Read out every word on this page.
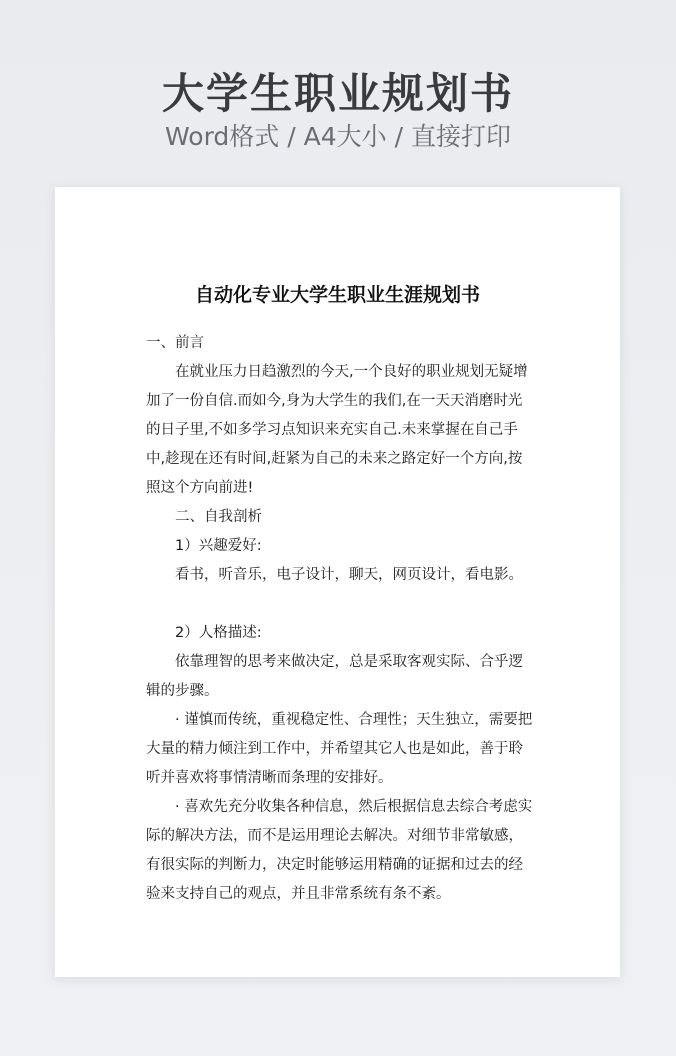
大学生职业规划书
Word格式 / A4大小 / 直接打印
自动化专业大学生职业生涯规划书

一、前言

在就业压力日趋激烈的今天,一个良好的职业规划无疑增加了一份自信.而如今,身为大学生的我们,在一天天消磨时光的日子里,不如多学习点知识来充实自己.未来掌握在自己手中,趁现在还有时间,赶紧为自己的未来之路定好一个方向,按照这个方向前进!

二、自我剖析

1）兴趣爱好:

看书，听音乐，电子设计，聊天，网页设计，看电影。

2）人格描述:

依靠理智的思考来做决定，总是采取客观实际、合乎逻辑的步骤。

· 谨慎而传统，重视稳定性、合理性；天生独立，需要把大量的精力倾注到工作中，并希望其它人也是如此，善于聆听并喜欢将事情清晰而条理的安排好。

· 喜欢先充分收集各种信息，然后根据信息去综合考虑实际的解决方法，而不是运用理论去解决。对细节非常敏感，有很实际的判断力，决定时能够运用精确的证据和过去的经验来支持自己的观点，并且非常系统有条不紊。
